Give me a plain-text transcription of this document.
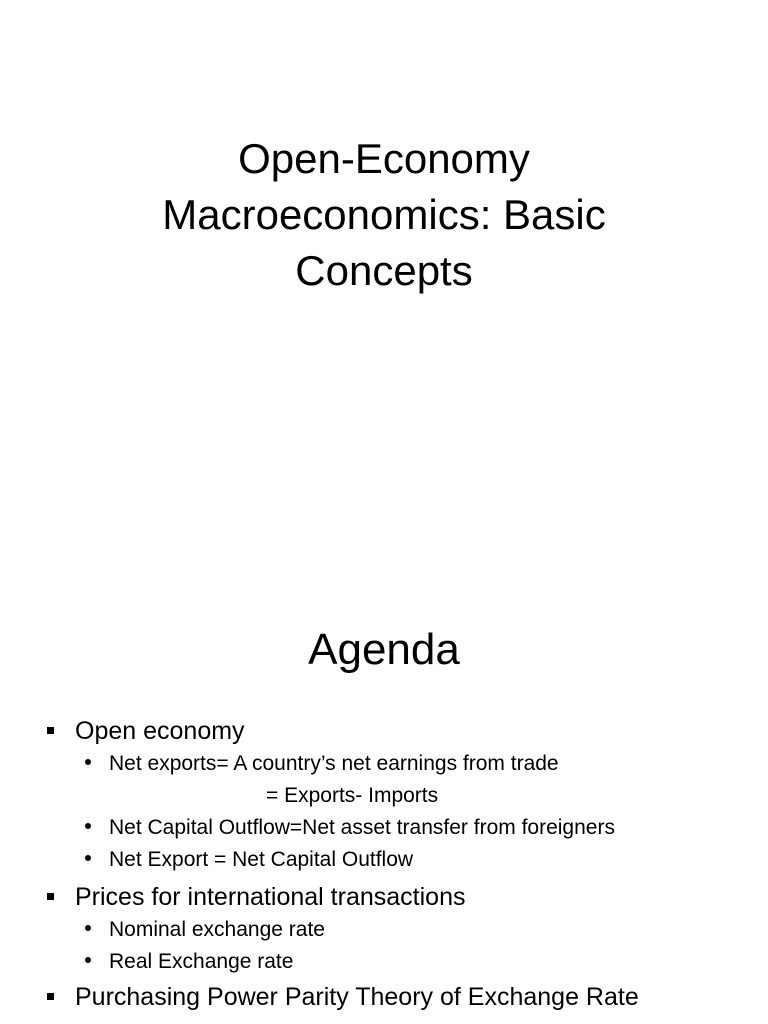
Open-Economy
Macroeconomics: Basic
Concepts
Agenda
Open economy
Net exports= A country’s net earnings from trade
= Exports- Imports
Net Capital Outflow=Net asset transfer from foreigners
Net Export = Net Capital Outflow
Prices for international transactions
Nominal exchange rate
Real Exchange rate
Purchasing Power Parity Theory of Exchange Rate
